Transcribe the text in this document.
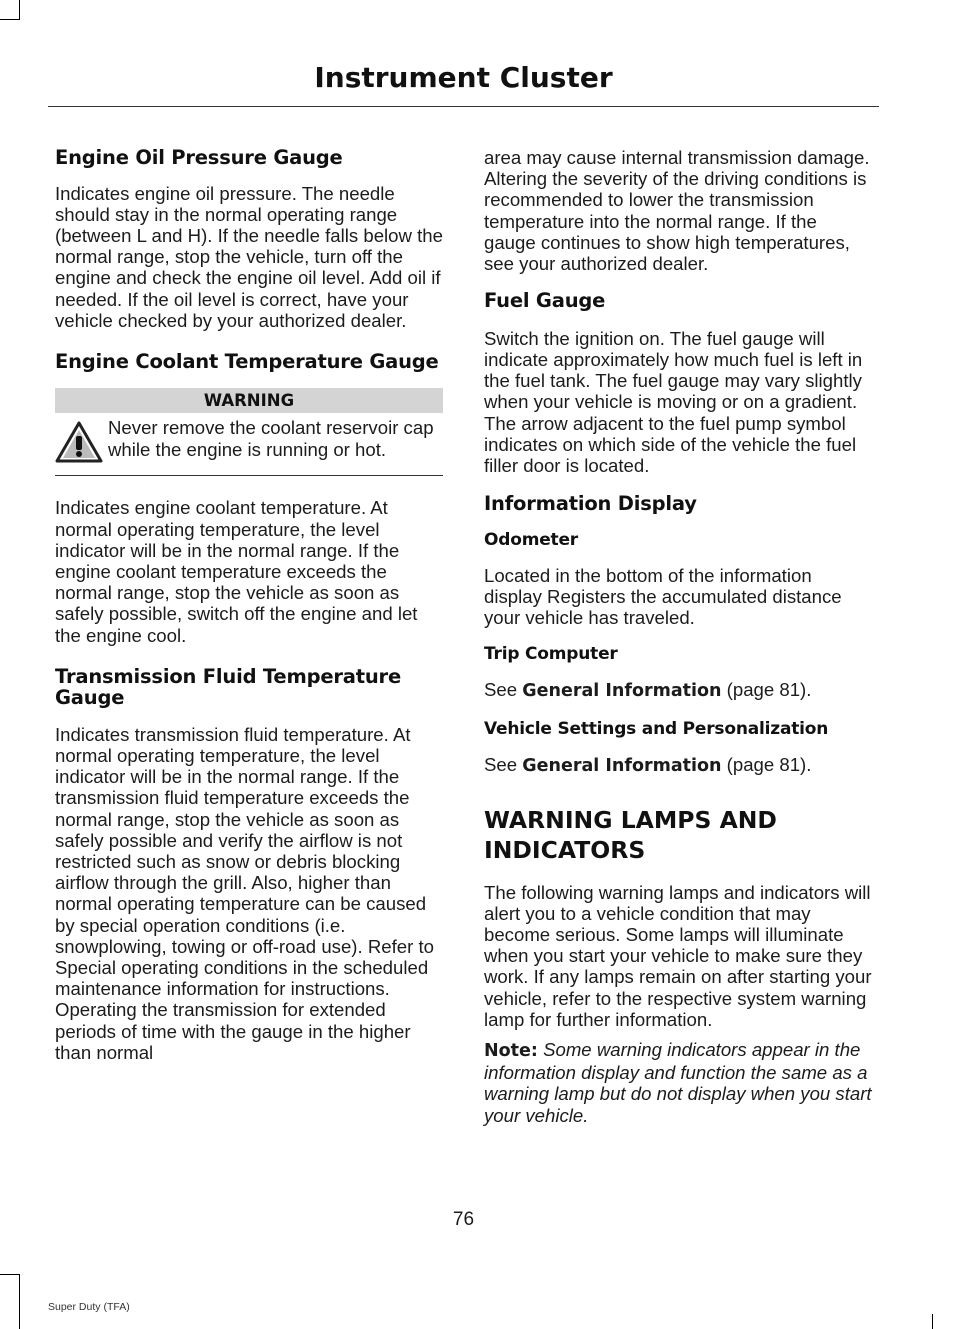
Instrument Cluster
Engine Oil Pressure Gauge

Indicates engine oil pressure. The needle should stay in the normal operating range (between L and H). If the needle falls below the normal range, stop the vehicle, turn off the engine and check the engine oil level. Add oil if needed. If the oil level is correct, have your vehicle checked by your authorized dealer.

Engine Coolant Temperature Gauge
WARNING

Never remove the coolant reservoir cap while the engine is running or hot.

Indicates engine coolant temperature. At normal operating temperature, the level indicator will be in the normal range. If the engine coolant temperature exceeds the normal range, stop the vehicle as soon as safely possible, switch off the engine and let the engine cool.

Transmission Fluid Temperature Gauge

Indicates transmission fluid temperature. At normal operating temperature, the level indicator will be in the normal range. If the transmission fluid temperature exceeds the normal range, stop the vehicle as soon as safely possible and verify the airflow is not restricted such as snow or debris blocking airflow through the grill. Also, higher than normal operating temperature can be caused by special operation conditions (i.e. snowplowing, towing or off-road use). Refer to Special operating conditions in the scheduled maintenance information for instructions. Operating the transmission for extended periods of time with the gauge in the higher than normal

area may cause internal transmission damage. Altering the severity of the driving conditions is recommended to lower the transmission temperature into the normal range. If the gauge continues to show high temperatures, see your authorized dealer.

Fuel Gauge

Switch the ignition on. The fuel gauge will indicate approximately how much fuel is left in the fuel tank. The fuel gauge may vary slightly when your vehicle is moving or on a gradient. The arrow adjacent to the fuel pump symbol indicates on which side of the vehicle the fuel filler door is located.

Information Display
Odometer

Located in the bottom of the information display Registers the accumulated distance your vehicle has traveled.

Trip Computer

See General Information (page 81).

Vehicle Settings and Personalization

See General Information (page 81).

WARNING LAMPS AND INDICATORS

The following warning lamps and indicators will alert you to a vehicle condition that may become serious. Some lamps will illuminate when you start your vehicle to make sure they work. If any lamps remain on after starting your vehicle, refer to the respective system warning lamp for further information.

Note: Some warning indicators appear in the information display and function the same as a warning lamp but do not display when you start your vehicle.

76
Super Duty (TFA)
